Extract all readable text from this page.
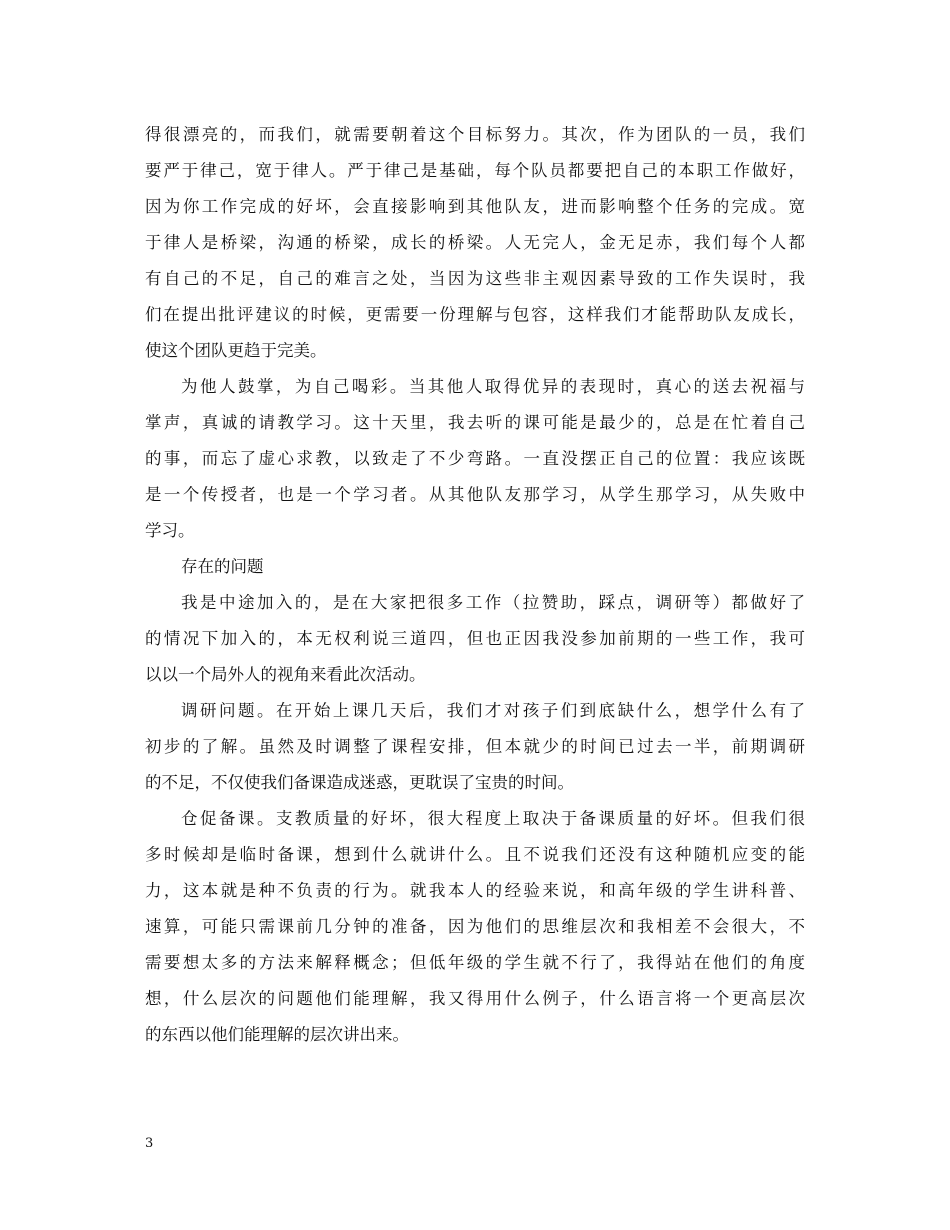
得很漂亮的，而我们，就需要朝着这个目标努力。其次，作为团队的一员，我们
要严于律己，宽于律人。严于律己是基础，每个队员都要把自己的本职工作做好，
因为你工作完成的好坏，会直接影响到其他队友，进而影响整个任务的完成。宽
于律人是桥梁，沟通的桥梁，成长的桥梁。人无完人，金无足赤，我们每个人都
有自己的不足，自己的难言之处，当因为这些非主观因素导致的工作失误时，我
们在提出批评建议的时候，更需要一份理解与包容，这样我们才能帮助队友成长，
使这个团队更趋于完美。
为他人鼓掌，为自己喝彩。当其他人取得优异的表现时，真心的送去祝福与
掌声，真诚的请教学习。这十天里，我去听的课可能是最少的，总是在忙着自己
的事，而忘了虚心求教，以致走了不少弯路。一直没摆正自己的位置：我应该既
是一个传授者，也是一个学习者。从其他队友那学习，从学生那学习，从失败中
学习。
存在的问题
我是中途加入的，是在大家把很多工作（拉赞助，踩点，调研等）都做好了
的情况下加入的，本无权利说三道四，但也正因我没参加前期的一些工作，我可
以以一个局外人的视角来看此次活动。
调研问题。在开始上课几天后，我们才对孩子们到底缺什么，想学什么有了
初步的了解。虽然及时调整了课程安排，但本就少的时间已过去一半，前期调研
的不足，不仅使我们备课造成迷惑，更耽误了宝贵的时间。
仓促备课。支教质量的好坏，很大程度上取决于备课质量的好坏。但我们很
多时候却是临时备课，想到什么就讲什么。且不说我们还没有这种随机应变的能
力，这本就是种不负责的行为。就我本人的经验来说，和高年级的学生讲科普、
速算，可能只需课前几分钟的准备，因为他们的思维层次和我相差不会很大，不
需要想太多的方法来解释概念；但低年级的学生就不行了，我得站在他们的角度
想，什么层次的问题他们能理解，我又得用什么例子，什么语言将一个更高层次
的东西以他们能理解的层次讲出来。
3
